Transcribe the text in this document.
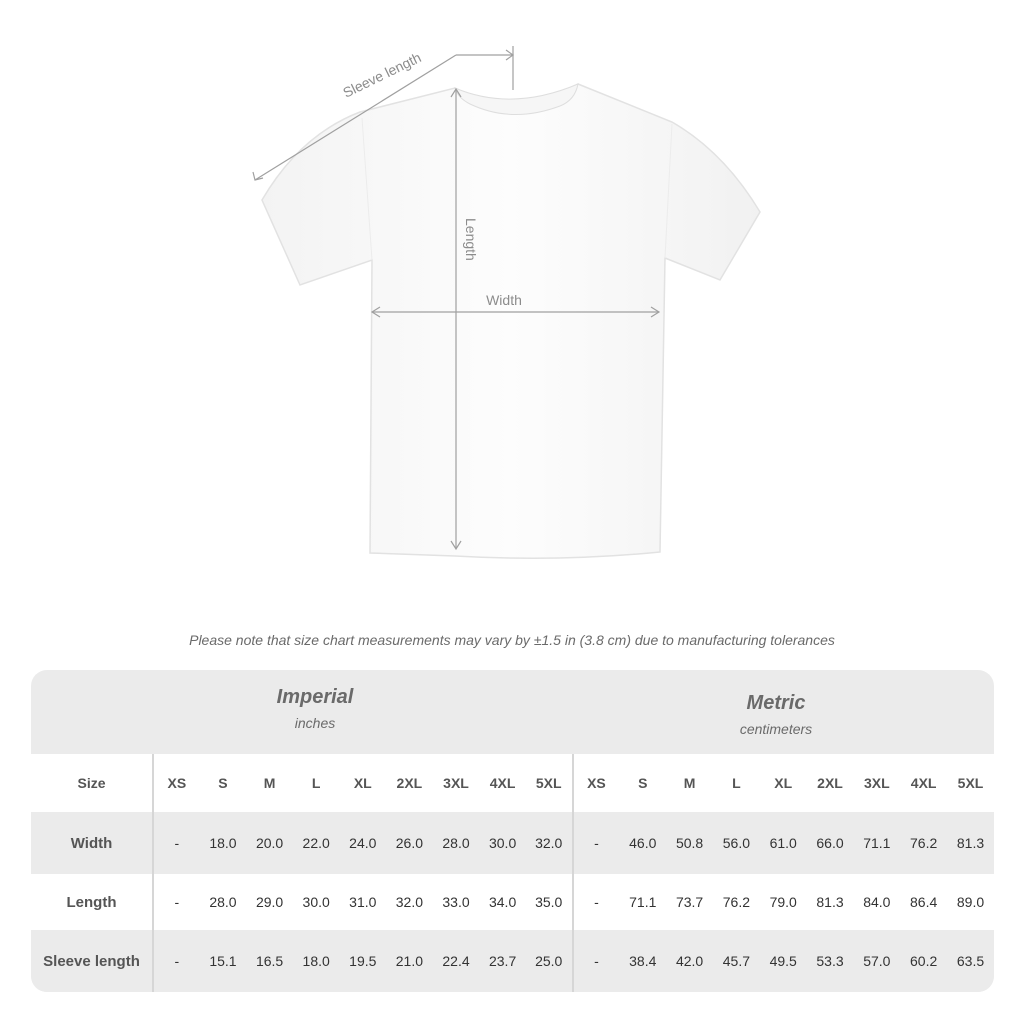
Sleeve length
Length
Width
Please note that size chart measurements may vary by ±1.5 in (3.8 cm) due to manufacturing tolerances
Imperial
inches
Metric
centimeters
Size	XS	S	M	L	XL	2XL	3XL	4XL	5XL	XS	S	M	L	XL	2XL	3XL	4XL	5XL
Width	-	18.0	20.0	22.0	24.0	26.0	28.0	30.0	32.0	-	46.0	50.8	56.0	61.0	66.0	71.1	76.2	81.3
Length	-	28.0	29.0	30.0	31.0	32.0	33.0	34.0	35.0	-	71.1	73.7	76.2	79.0	81.3	84.0	86.4	89.0
Sleeve length	-	15.1	16.5	18.0	19.5	21.0	22.4	23.7	25.0	-	38.4	42.0	45.7	49.5	53.3	57.0	60.2	63.5
